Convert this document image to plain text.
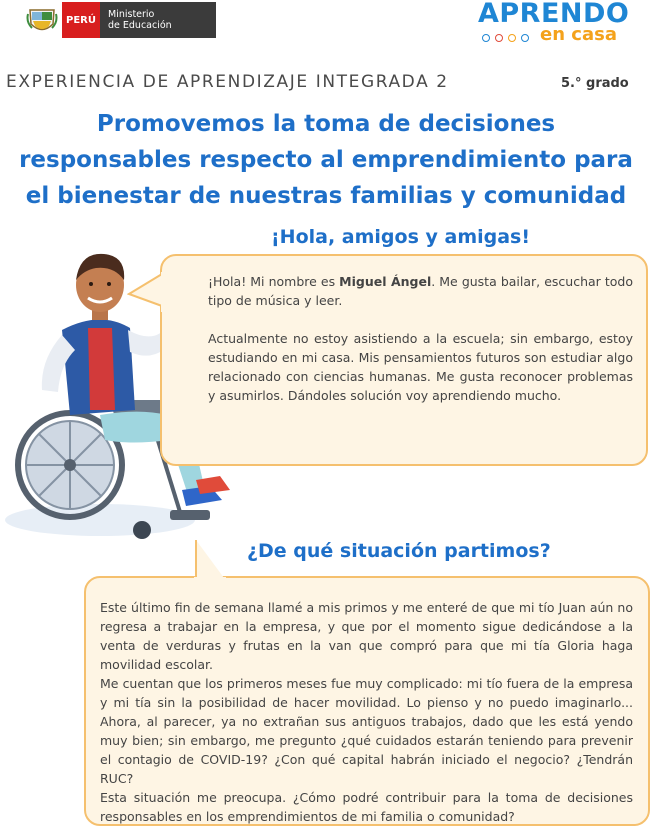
PERÚ	Ministerio
de Educación	APRENDO
en casa
EXPERIENCIA DE APRENDIZAJE INTEGRADA 2	5.° grado
Promovemos la toma de decisiones
responsables respecto al emprendimiento para
el bienestar de nuestras familias y comunidad
¡Hola, amigos y amigas!

¡Hola! Mi nombre es Miguel Ángel. Me gusta bailar, escuchar todo tipo de música y leer.

Actualmente no estoy asistiendo a la escuela; sin embargo, estoy estudiando en mi casa. Mis pensamientos futuros son estudiar algo relacionado con ciencias humanas. Me gusta reconocer problemas y asumirlos. Dándoles solución voy aprendiendo mucho.

¿De qué situación partimos?

Este último fin de semana llamé a mis primos y me enteré de que mi tío Juan aún no regresa a trabajar en la empresa, y que por el momento sigue dedicándose a la venta de verduras y frutas en la van que compró para que mi tía Gloria haga movilidad escolar.

Me cuentan que los primeros meses fue muy complicado: mi tío fuera de la empresa y mi tía sin la posibilidad de hacer movilidad. Lo pienso y no puedo imaginarlo... Ahora, al parecer, ya no extrañan sus antiguos trabajos, dado que les está yendo muy bien; sin embargo, me pregunto ¿qué cuidados estarán teniendo para prevenir el contagio de COVID-19? ¿Con qué capital habrán iniciado el negocio? ¿Tendrán RUC?

Esta situación me preocupa. ¿Cómo podré contribuir para la toma de decisiones responsables en los emprendimientos de mi familia o comunidad?
